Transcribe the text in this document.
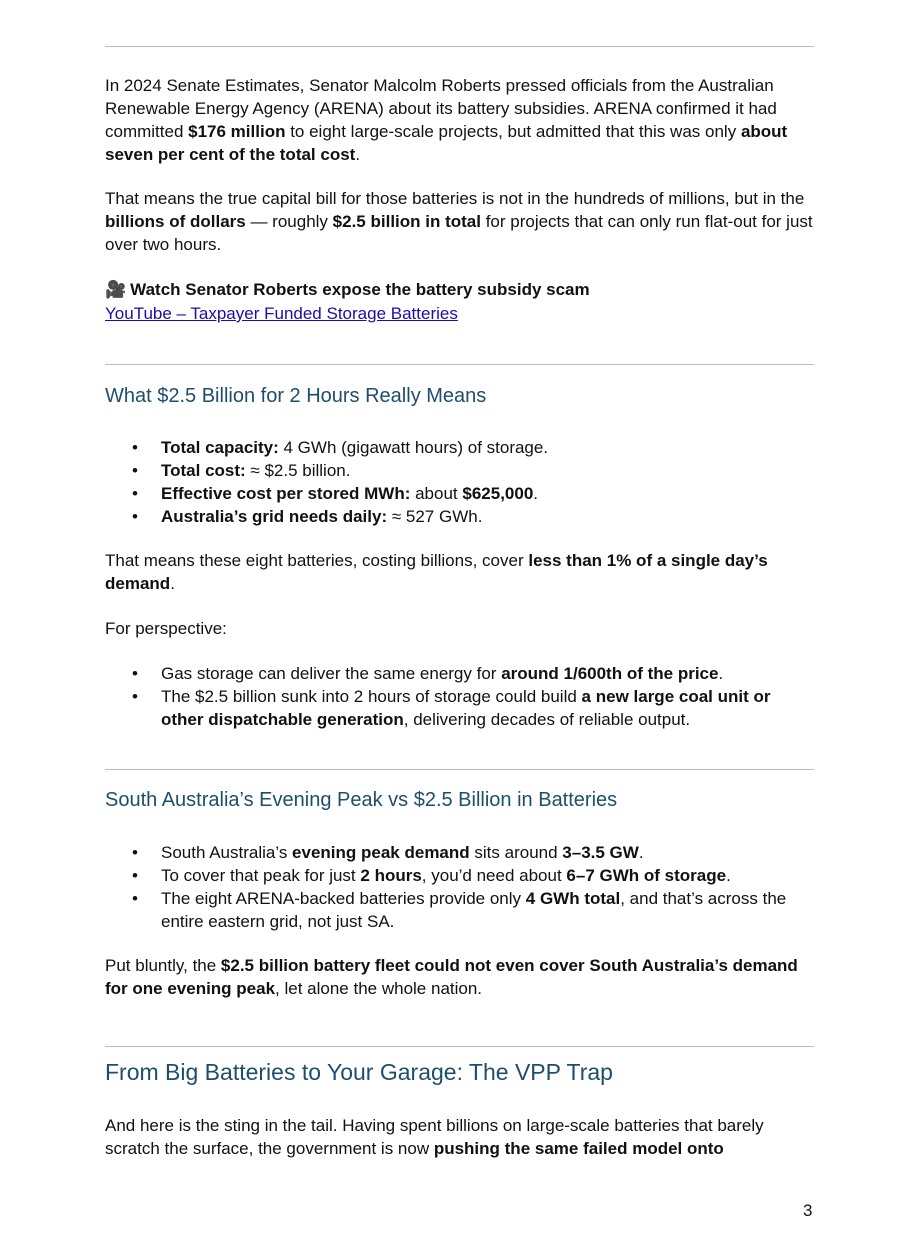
In 2024 Senate Estimates, Senator Malcolm Roberts pressed officials from the Australian Renewable Energy Agency (ARENA) about its battery subsidies. ARENA confirmed it had committed $176 million to eight large-scale projects, but admitted that this was only about seven per cent of the total cost.

That means the true capital bill for those batteries is not in the hundreds of millions, but in the billions of dollars — roughly $2.5 billion in total for projects that can only run flat-out for just over two hours.

🎥 Watch Senator Roberts expose the battery subsidy scam

YouTube – Taxpayer Funded Storage Batteries

What $2.5 Billion for 2 Hours Really Means
• Total capacity: 4 GWh (gigawatt hours) of storage.
• Total cost: ≈ $2.5 billion.
• Effective cost per stored MWh: about $625,000.
• Australia’s grid needs daily: ≈ 527 GWh.

That means these eight batteries, costing billions, cover less than 1% of a single day’s demand.

For perspective:

• Gas storage can deliver the same energy for around 1/600th of the price.
• The $2.5 billion sunk into 2 hours of storage could build a new large coal unit or other dispatchable generation, delivering decades of reliable output.
South Australia’s Evening Peak vs $2.5 Billion in Batteries
• South Australia’s evening peak demand sits around 3–3.5 GW.
• To cover that peak for just 2 hours, you’d need about 6–7 GWh of storage.
• The eight ARENA-backed batteries provide only 4 GWh total, and that’s across the entire eastern grid, not just SA.

Put bluntly, the $2.5 billion battery fleet could not even cover South Australia’s demand for one evening peak, let alone the whole nation.

From Big Batteries to Your Garage: The VPP Trap

And here is the sting in the tail. Having spent billions on large-scale batteries that barely scratch the surface, the government is now pushing the same failed model onto

3
